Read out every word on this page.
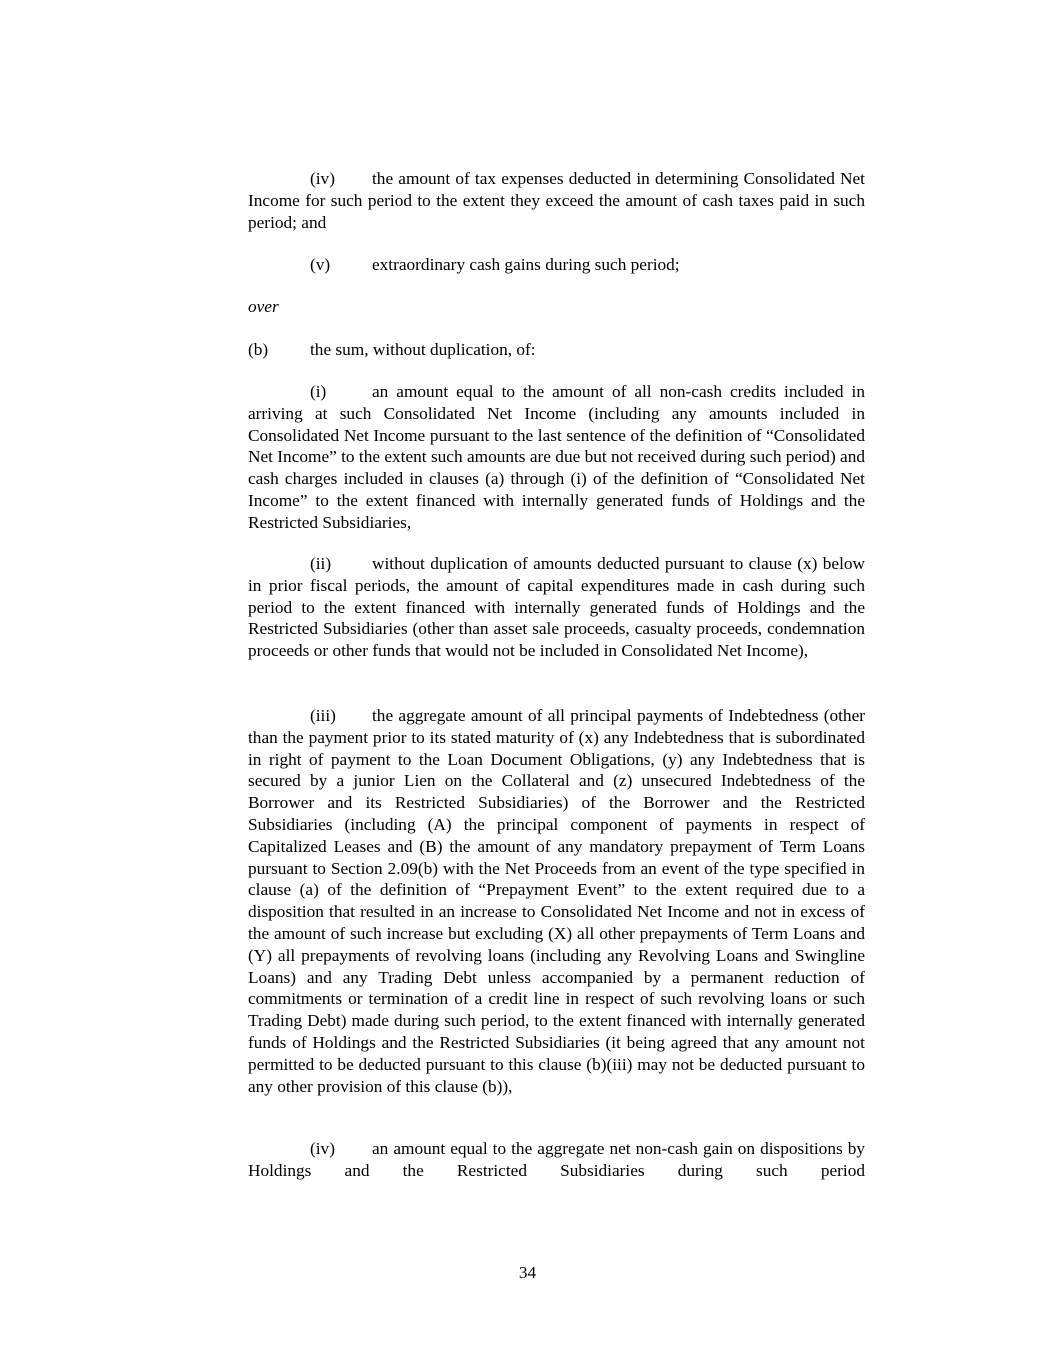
(iv) the amount of tax expenses deducted in determining Consolidated Net Income for such period to the extent they exceed the amount of cash taxes paid in such period; and

(v) extraordinary cash gains during such period;

over

(b) the sum, without duplication, of:

(i)	an amount equal to the amount of all non-cash credits included in arriving at such Consolidated Net Income (including any amounts included in Consolidated Net Income pursuant to the last sentence of the definition of “Consolidated Net Income” to the extent such amounts are due but not received during such period) and cash charges included in clauses (a) through (i) of the definition of “Consolidated Net Income” to the extent financed with internally generated funds of Holdings and the Restricted Subsidiaries,

(ii) without duplication of amounts deducted pursuant to clause (x) below in prior fiscal periods, the amount of capital expenditures made in cash during such period to the extent financed with internally generated funds of Holdings and the Restricted Subsidiaries (other than asset sale proceeds, casualty proceeds, condemnation proceeds or other funds that would not be included in Consolidated Net Income),

(iii) the aggregate amount of all principal payments of Indebtedness (other than the payment prior to its stated maturity of (x) any Indebtedness that is subordinated in right of payment to the Loan Document Obligations, (y) any Indebtedness that is secured by a junior Lien on the Collateral and (z) unsecured Indebtedness of the Borrower and its Restricted Subsidiaries) of the Borrower and the Restricted Subsidiaries (including (A) the principal component of payments in respect of Capitalized Leases and (B) the amount of any mandatory prepayment of Term Loans pursuant to Section 2.09(b) with the Net Proceeds from an event of the type specified in clause (a) of the definition of “Prepayment Event” to the extent required due to a disposition that resulted in an increase to Consolidated Net Income and not in excess of the amount of such increase but excluding (X) all other prepayments of Term Loans and (Y) all prepayments of revolving loans (including any Revolving Loans and Swingline Loans) and any Trading Debt unless accompanied by a permanent reduction of commitments or termination of a credit line in respect of such revolving loans or such Trading Debt) made during such period, to the extent financed with internally generated funds of Holdings and the Restricted Subsidiaries (it being agreed that any amount not permitted to be deducted pursuant to this clause (b)(iii) may not be deducted pursuant to any other provision of this clause (b)),

(iv) an amount equal to the aggregate net non-cash gain on dispositions by Holdings and the Restricted Subsidiaries during such period

34
